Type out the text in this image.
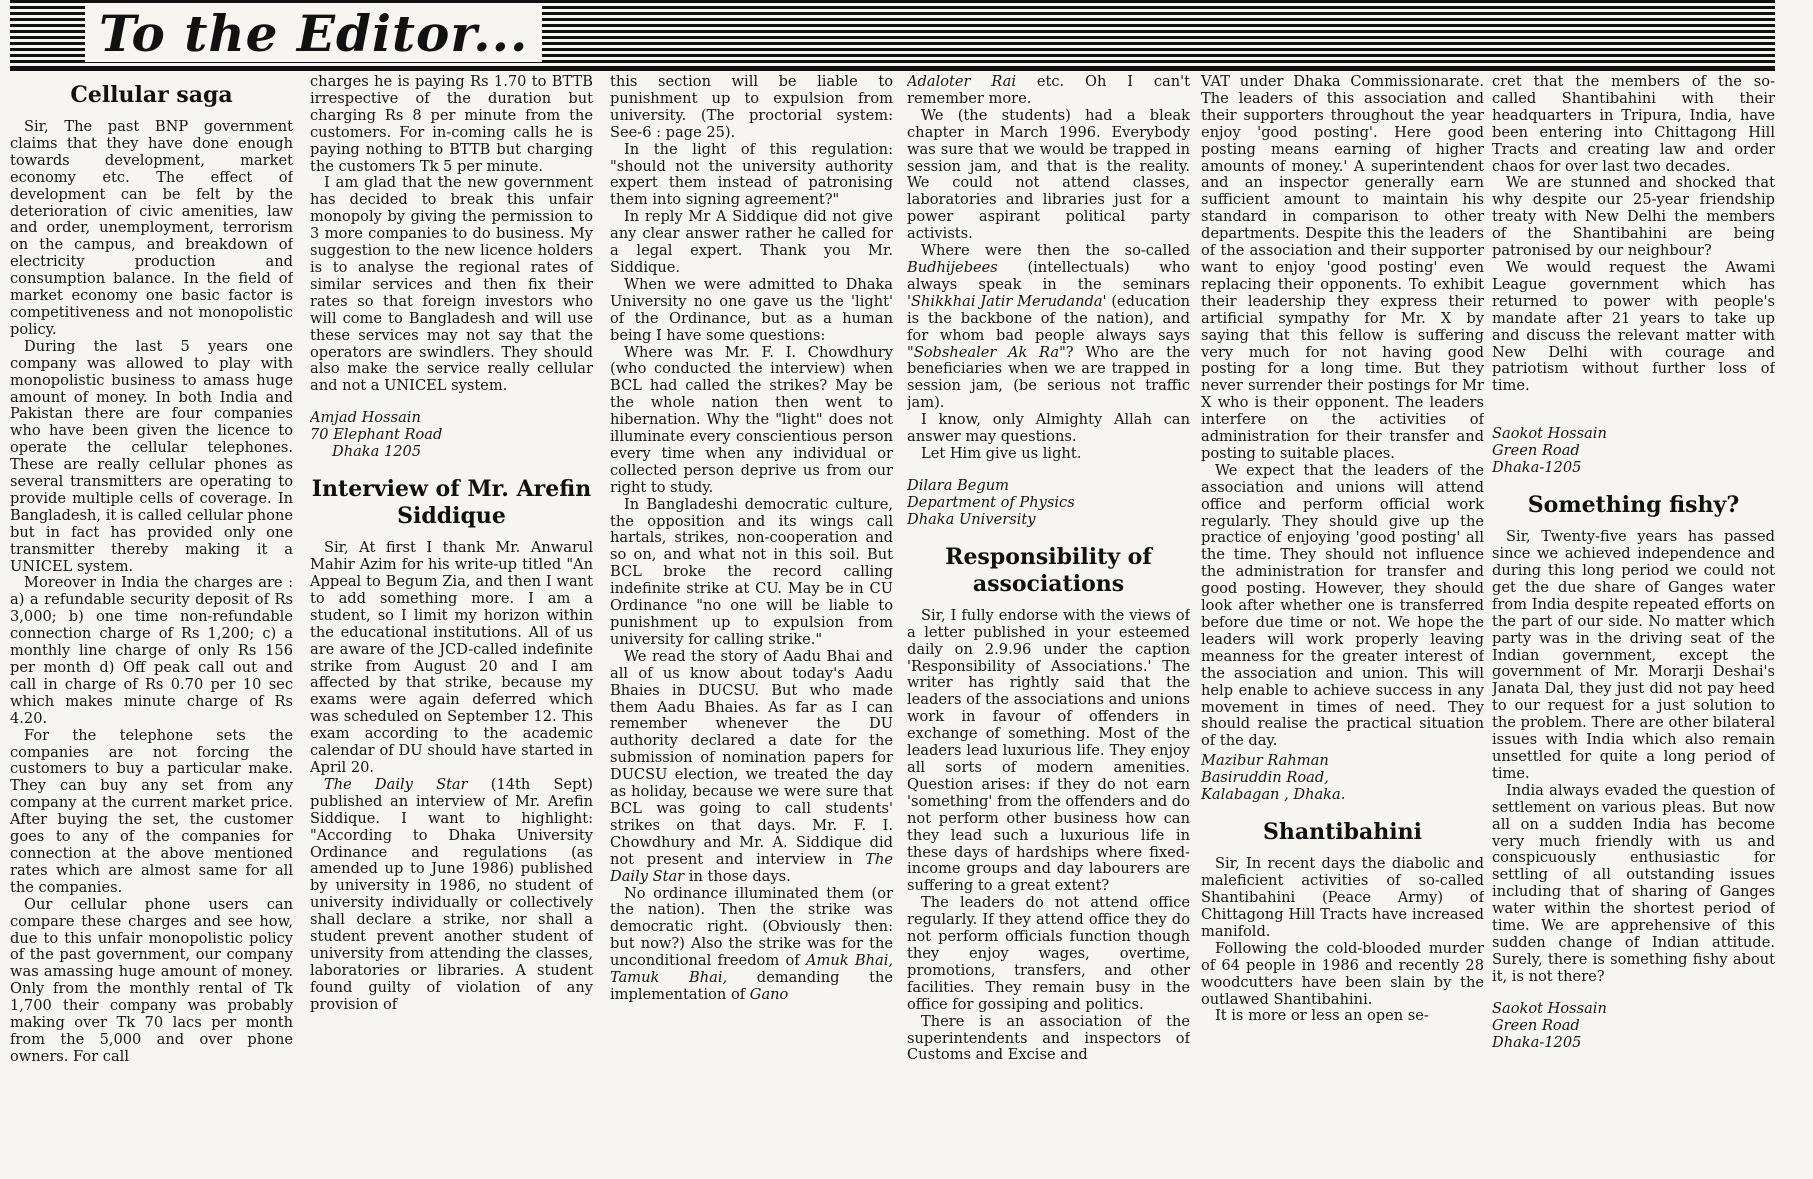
To the Editor...
Cellular saga

Sir, The past BNP government claims that they have done enough towards development, market economy etc. The effect of development can be felt by the deterioration of civic amenities, law and order, unemployment, terrorism on the campus, and breakdown of electricity production and consumption balance. In the field of market economy one basic factor is competitiveness and not monopolistic policy.

During the last 5 years one company was allowed to play with monopolistic business to amass huge amount of money. In both India and Pakistan there are four companies who have been given the licence to operate the cellular telephones. These are really cellular phones as several transmitters are operating to provide multiple cells of coverage. In Bangladesh, it is called cellular phone but in fact has provided only one transmitter thereby making it a UNICEL system.

Moreover in India the charges are : a) a refundable security deposit of Rs 3,000; b) one time non-refundable connection charge of Rs 1,200; c) a monthly line charge of only Rs 156 per month d) Off peak call out and call in charge of Rs 0.70 per 10 sec which makes minute charge of Rs 4.20.

For the telephone sets the companies are not forcing the customers to buy a particular make. They can buy any set from any company at the current market price. After buying the set, the customer goes to any of the companies for connection at the above mentioned rates which are almost same for all the companies.

Our cellular phone users can compare these charges and see how, due to this unfair monopolistic policy of the past government, our company was amassing huge amount of money. Only from the monthly rental of Tk 1,700 their company was probably making over Tk 70 lacs per month from the 5,000 and over phone owners. For call

charges he is paying Rs 1.70 to BTTB irrespective of the duration but charging Rs 8 per minute from the customers. For in-coming calls he is paying nothing to BTTB but charging the customers Tk 5 per minute.

I am glad that the new government has decided to break this unfair monopoly by giving the permission to 3 more companies to do business. My suggestion to the new licence holders is to analyse the regional rates of similar services and then fix their rates so that foreign investors who will come to Bangladesh and will use these services may not say that the operators are swindlers. They should also make the service really cellular and not a UNICEL system.

Amjad Hossain
70 Elephant Road
Dhaka 1205
Interview of Mr. Arefin Siddique

Sir, At first I thank Mr. Anwarul Mahir Azim for his write-up titled "An Appeal to Begum Zia, and then I want to add something more. I am a student, so I limit my horizon within the educational institutions. All of us are aware of the JCD-called indefinite strike from August 20 and I am affected by that strike, because my exams were again deferred which was scheduled on September 12. This exam according to the academic calendar of DU should have started in April 20.

The Daily Star (14th Sept) published an interview of Mr. Arefin Siddique. I want to highlight: "According to Dhaka University Ordinance and regulations (as amended up to June 1986) published by university in 1986, no student of university individually or collectively shall declare a strike, nor shall a student prevent another student of university from attending the classes, laboratories or libraries. A student found guilty of violation of any provision of

this section will be liable to punishment up to expulsion from university. (The proctorial system: See-6 : page 25).

In the light of this regulation: "should not the university authority expert them instead of patronising them into signing agreement?"

In reply Mr A Siddique did not give any clear answer rather he called for a legal expert. Thank you Mr. Siddique.

When we were admitted to Dhaka University no one gave us the 'light' of the Ordinance, but as a human being I have some questions:

Where was Mr. F. I. Chowdhury (who conducted the interview) when BCL had called the strikes? May be the whole nation then went to hibernation. Why the "light" does not illuminate every conscientious person every time when any individual or collected person deprive us from our right to study.

In Bangladeshi democratic culture, the opposition and its wings call hartals, strikes, non-cooperation and so on, and what not in this soil. But BCL broke the record calling indefinite strike at CU. May be in CU Ordinance "no one will be liable to punishment up to expulsion from university for calling strike."

We read the story of Aadu Bhai and all of us know about today's Aadu Bhaies in DUCSU. But who made them Aadu Bhaies. As far as I can remember whenever the DU authority declared a date for the submission of nomination papers for DUCSU election, we treated the day as holiday, because we were sure that BCL was going to call students' strikes on that days. Mr. F. I. Chowdhury and Mr. A. Siddique did not present and interview in The Daily Star in those days.

No ordinance illuminated them (or the nation). Then the strike was democratic right. (Obviously then: but now?) Also the strike was for the unconditional freedom of Amuk Bhai, Tamuk Bhai, demanding the implementation of Gano

Adaloter Rai etc. Oh I can't remember more.

We (the students) had a bleak chapter in March 1996. Everybody was sure that we would be trapped in session jam, and that is the reality. We could not attend classes, laboratories and libraries just for a power aspirant political party activists.

Where were then the so-called Budhijebees (intellectuals) who always speak in the seminars 'Shikkhai Jatir Merudanda' (education is the backbone of the nation), and for whom bad people always says "Sobshealer Ak Ra"? Who are the beneficiaries when we are trapped in session jam, (be serious not traffic jam).

I know, only Almighty Allah can answer may questions.

Let Him give us light.

Dilara Begum
Department of Physics
Dhaka University
Responsibility of associations

Sir, I fully endorse with the views of a letter published in your esteemed daily on 2.9.96 under the caption 'Responsibility of Associations.' The writer has rightly said that the leaders of the associations and unions work in favour of offenders in exchange of something. Most of the leaders lead luxurious life. They enjoy all sorts of modern amenities. Question arises: if they do not earn 'something' from the offenders and do not perform other business how can they lead such a luxurious life in these days of hardships where fixed-income groups and day labourers are suffering to a great extent?

The leaders do not attend office regularly. If they attend office they do not perform officials function though they enjoy wages, overtime, promotions, transfers, and other facilities. They remain busy in the office for gossiping and politics.

There is an association of the superintendents and inspectors of Customs and Excise and

VAT under Dhaka Commissionarate. The leaders of this association and their supporters throughout the year enjoy 'good posting'. Here good posting means earning of higher amounts of money.' A superintendent and an inspector generally earn sufficient amount to maintain his standard in comparison to other departments. Despite this the leaders of the association and their supporter want to enjoy 'good posting' even replacing their opponents. To exhibit their leadership they express their artificial sympathy for Mr. X by saying that this fellow is suffering very much for not having good posting for a long time. But they never surrender their postings for Mr X who is their opponent. The leaders interfere on the activities of administration for their transfer and posting to suitable places.

We expect that the leaders of the association and unions will attend office and perform official work regularly. They should give up the practice of enjoying 'good posting' all the time. They should not influence the administration for transfer and good posting. However, they should look after whether one is transferred before due time or not. We hope the leaders will work properly leaving meanness for the greater interest of the association and union. This will help enable to achieve success in any movement in times of need. They should realise the practical situation of the day.

Mazibur Rahman
Basiruddin Road,
Kalabagan , Dhaka.
Shantibahini

Sir, In recent days the diabolic and maleficient activities of so-called Shantibahini (Peace Army) of Chittagong Hill Tracts have increased manifold.

Following the cold-blooded murder of 64 people in 1986 and recently 28 woodcutters have been slain by the outlawed Shantibahini.

It is more or less an open se-

cret that the members of the so-called Shantibahini with their headquarters in Tripura, India, have been entering into Chittagong Hill Tracts and creating law and order chaos for over last two decades.

We are stunned and shocked that why despite our 25-year friendship treaty with New Delhi the members of the Shantibahini are being patronised by our neighbour?

We would request the Awami League government which has returned to power with people's mandate after 21 years to take up and discuss the relevant matter with New Delhi with courage and patriotism without further loss of time.

Saokot Hossain
Green Road
Dhaka-1205
Something fishy?

Sir, Twenty-five years has passed since we achieved independence and during this long period we could not get the due share of Ganges water from India despite repeated efforts on the part of our side. No matter which party was in the driving seat of the Indian government, except the government of Mr. Morarji Deshai's Janata Dal, they just did not pay heed to our request for a just solution to the problem. There are other bilateral issues with India which also remain unsettled for quite a long period of time.

India always evaded the question of settlement on various pleas. But now all on a sudden India has become very much friendly with us and conspicuously enthusiastic for settling of all outstanding issues including that of sharing of Ganges water within the shortest period of time. We are apprehensive of this sudden change of Indian attitude. Surely, there is something fishy about it, is not there?

Saokot Hossain
Green Road
Dhaka-1205
